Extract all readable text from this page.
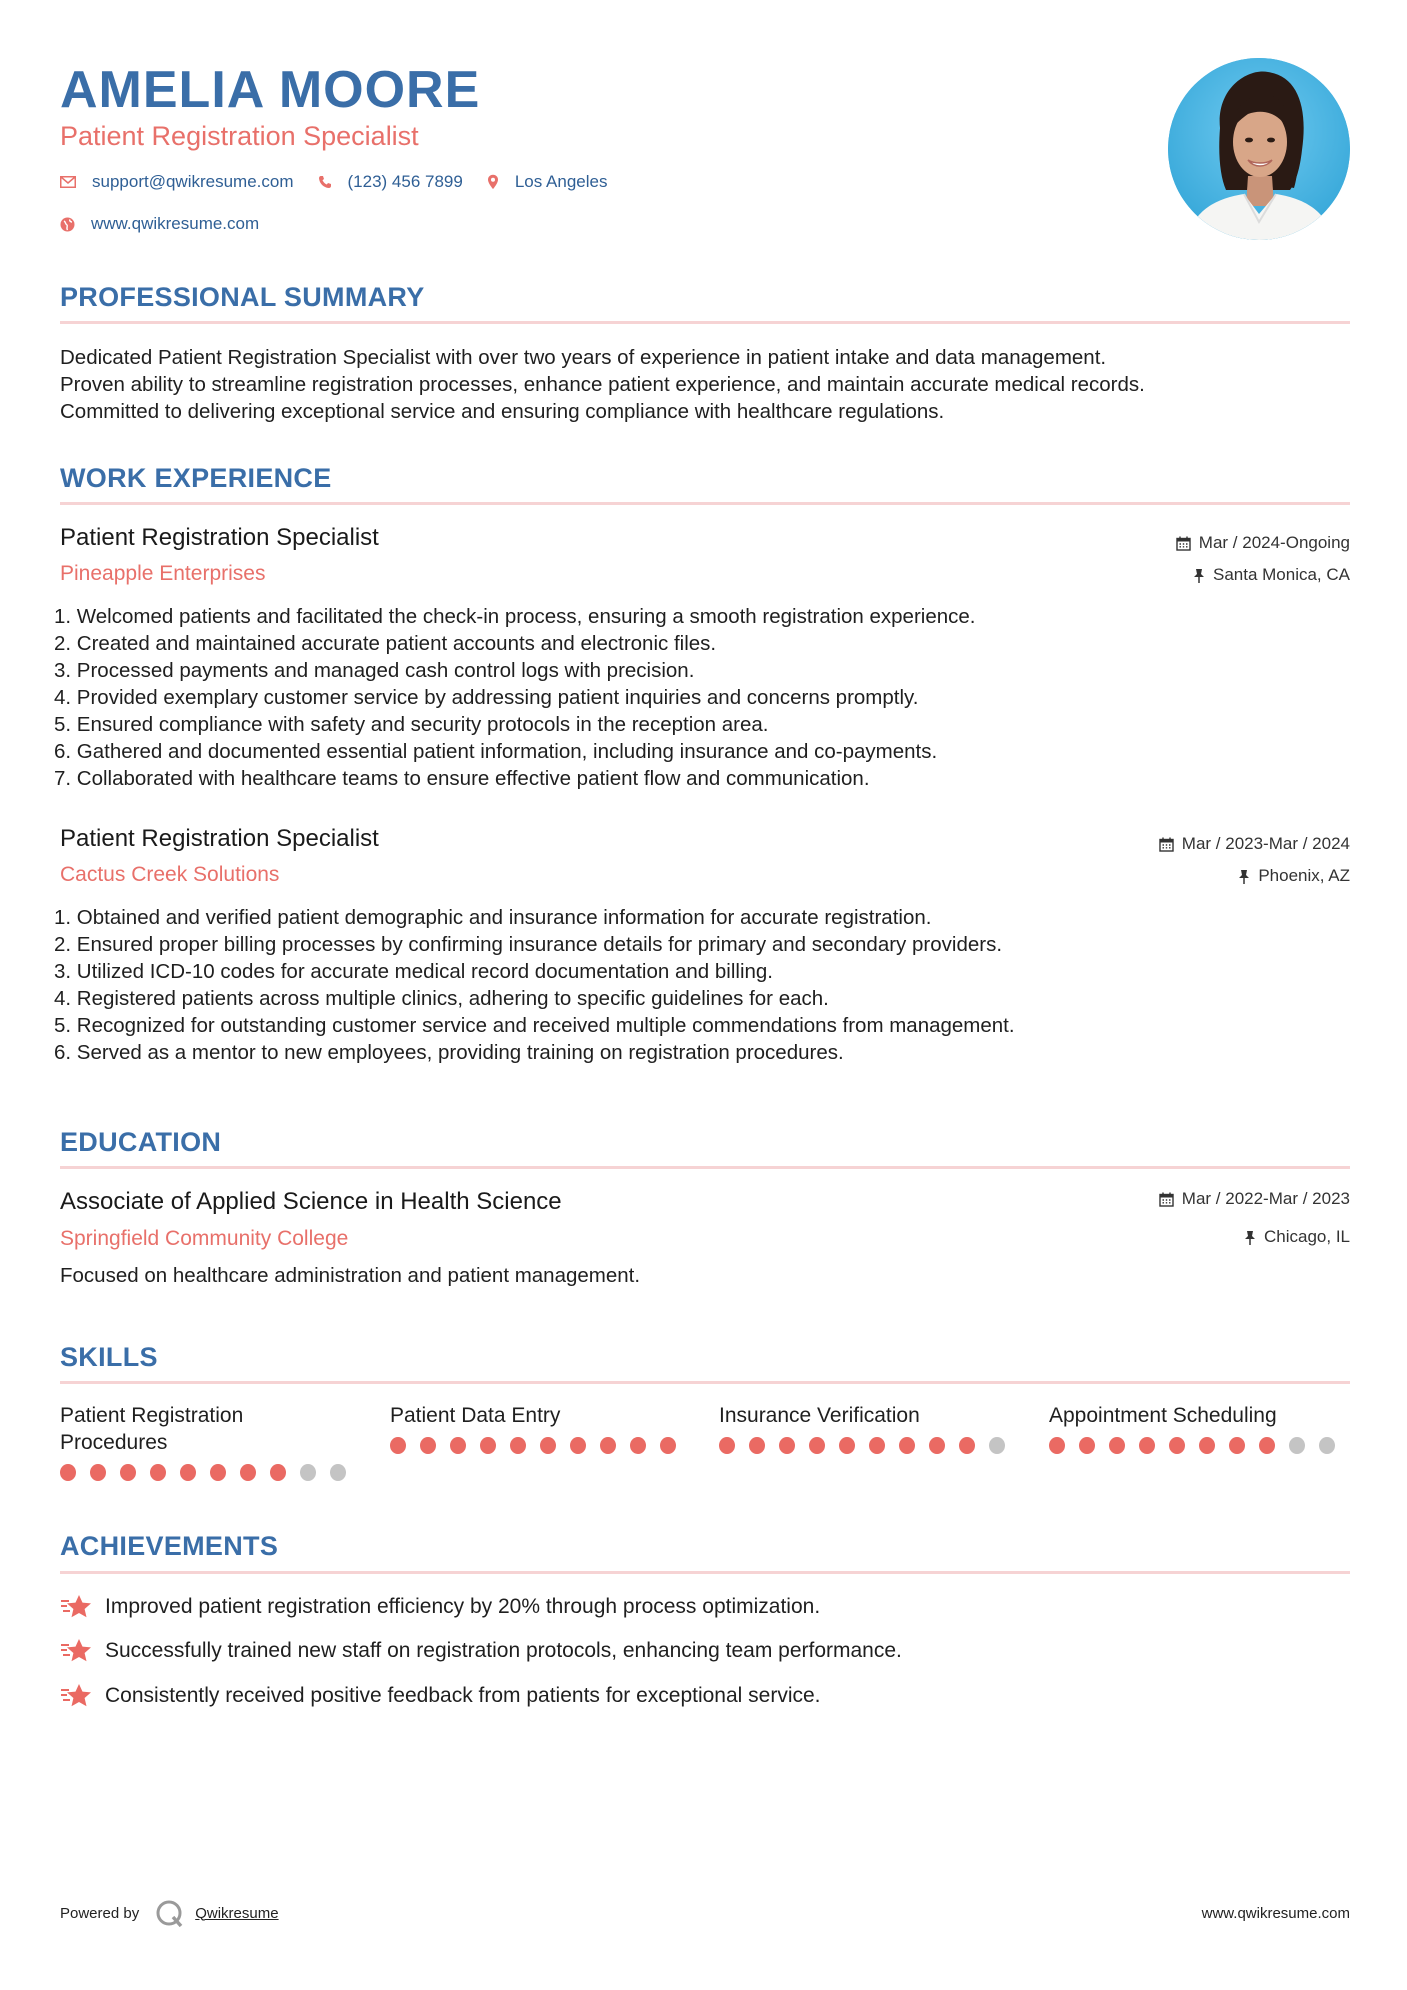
AMELIA MOORE
Patient Registration Specialist
support@qwikresume.com	(123) 456 7899	Los Angeles
www.qwikresume.com
PROFESSIONAL SUMMARY
Dedicated Patient Registration Specialist with over two years of experience in patient intake and data management.
Proven ability to streamline registration processes, enhance patient experience, and maintain accurate medical records.
Committed to delivering exceptional service and ensuring compliance with healthcare regulations.
WORK EXPERIENCE
Patient Registration Specialist
Pineapple Enterprises
Mar / 2024-Ongoing
Santa Monica, CA
1. Welcomed patients and facilitated the check-in process, ensuring a smooth registration experience.
2. Created and maintained accurate patient accounts and electronic files.
3. Processed payments and managed cash control logs with precision.
4. Provided exemplary customer service by addressing patient inquiries and concerns promptly.
5. Ensured compliance with safety and security protocols in the reception area.
6. Gathered and documented essential patient information, including insurance and co-payments.
7. Collaborated with healthcare teams to ensure effective patient flow and communication.
Patient Registration Specialist
Cactus Creek Solutions
Mar / 2023-Mar / 2024
Phoenix, AZ
1. Obtained and verified patient demographic and insurance information for accurate registration.
2. Ensured proper billing processes by confirming insurance details for primary and secondary providers.
3. Utilized ICD-10 codes for accurate medical record documentation and billing.
4. Registered patients across multiple clinics, adhering to specific guidelines for each.
5. Recognized for outstanding customer service and received multiple commendations from management.
6. Served as a mentor to new employees, providing training on registration procedures.
EDUCATION
Associate of Applied Science in Health Science
Springfield Community College
Mar / 2022-Mar / 2023
Chicago, IL
Focused on healthcare administration and patient management.
SKILLS
Patient Registration
Procedures
Patient Data Entry	Insurance Verification	Appointment Scheduling
ACHIEVEMENTS
Improved patient registration efficiency by 20% through process optimization.
Successfully trained new staff on registration protocols, enhancing team performance.
Consistently received positive feedback from patients for exceptional service.
Powered by	Qwikresume	www.qwikresume.com
